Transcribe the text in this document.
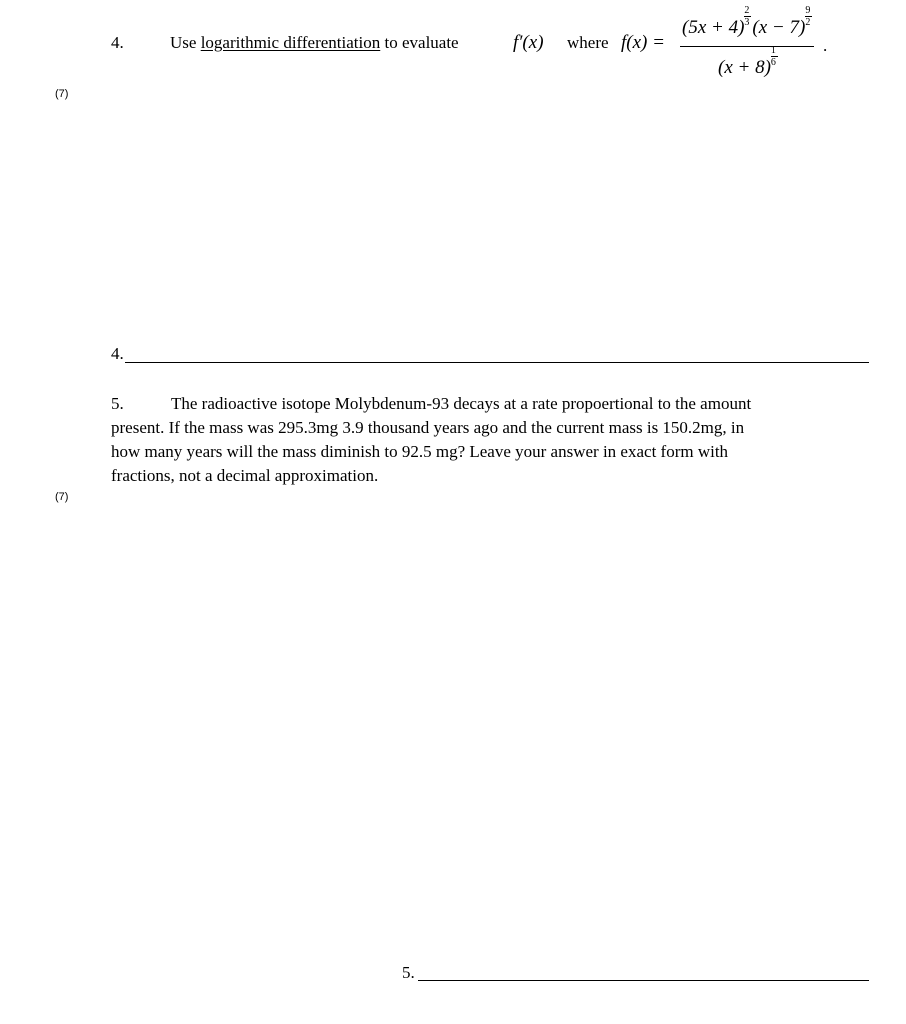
4.	Use logarithmic differentiation to evaluate	f′(x) where f(x) =
$(5x + 4) \frac{2}{3} (x - 7) \frac{9}{2}$
$(x + 8) \frac{1}{6}$
.
(7)
4.
5.	The radioactive isotope Molybdenum-93 decays at a rate propoertional to the amount
present. If the mass was 295.3mg 3.9 thousand years ago and the current mass is 150.2mg, in
how many years will the mass diminish to 92.5 mg? Leave your answer in exact form with
fractions, not a decimal approximation.
(7)
5.
